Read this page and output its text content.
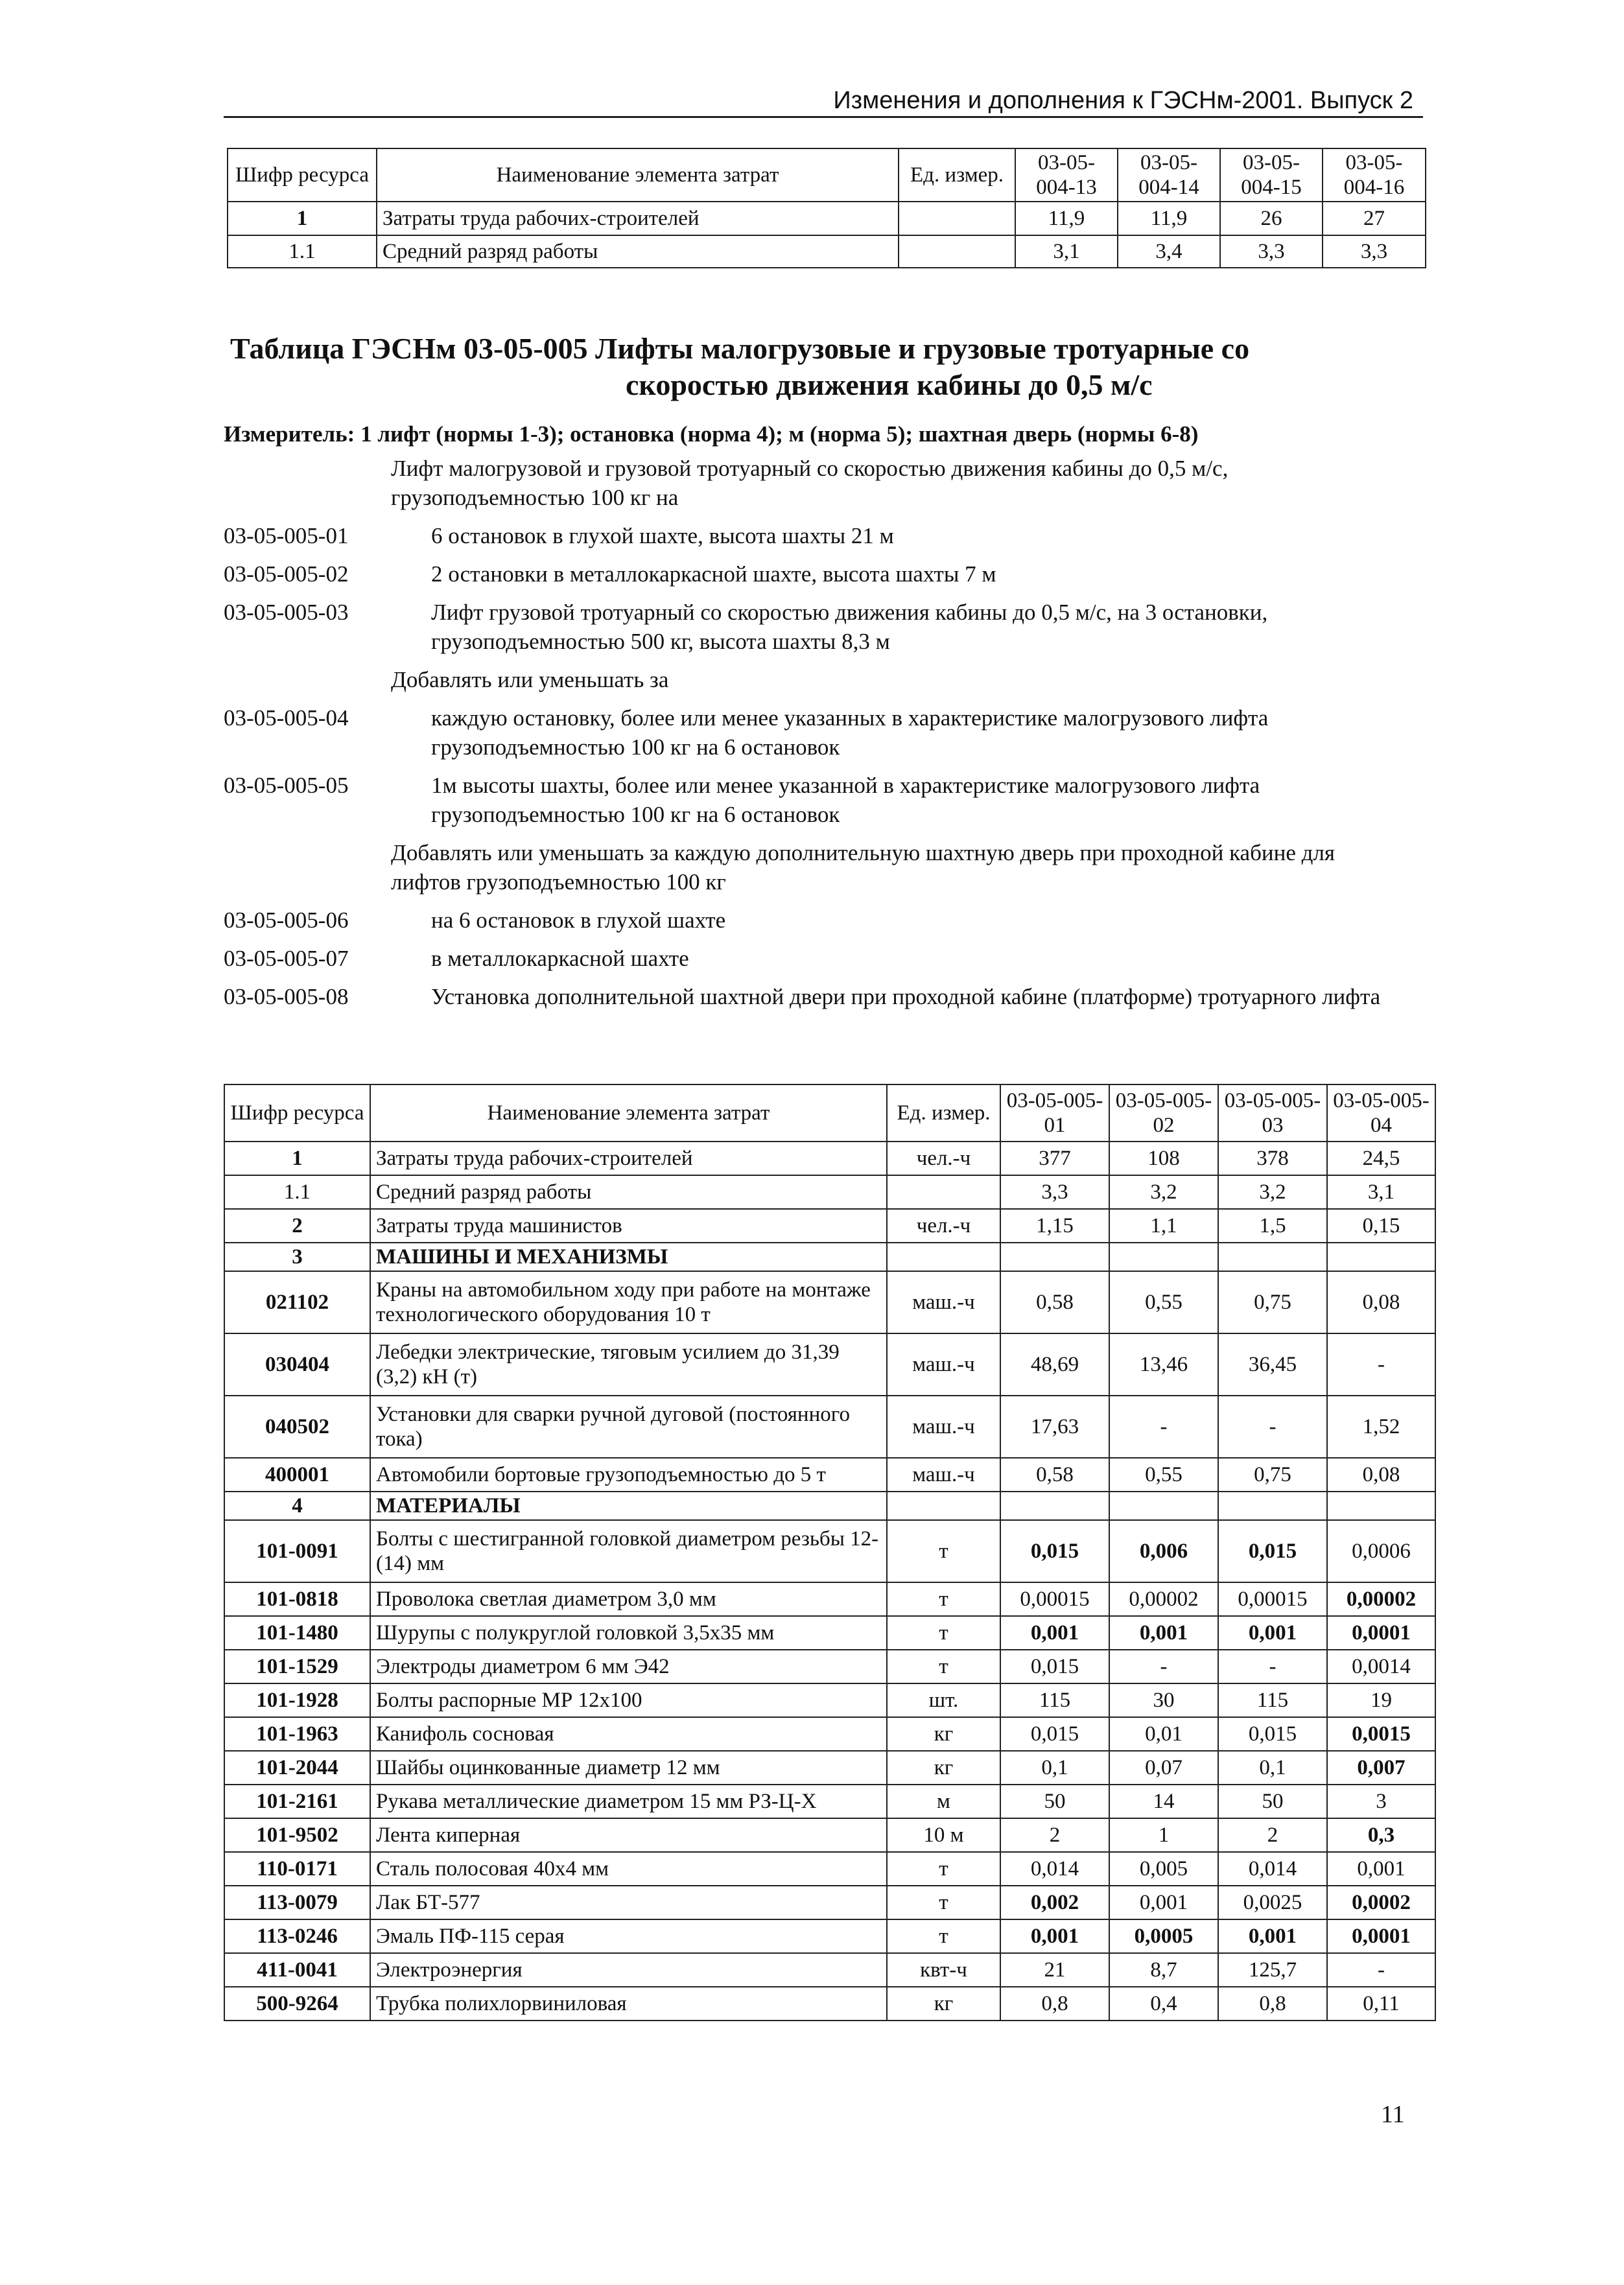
Изменения и дополнения к ГЭСНм-2001. Выпуск 2
Шифр ресурса	Наименование элемента затрат	Ед. измер.	03-05-004-13	03-05-004-14	03-05-004-15	03-05-004-16
1	Затраты труда рабочих-строителей		11,9	11,9	26	27
1.1	Средний разряд работы		3,1	3,4	3,3	3,3
Таблица ГЭСНм 03-05-005 Лифты малогрузовые и грузовые тротуарные со
скоростью движения кабины до 0,5 м/с
Измеритель: 1 лифт (нормы 1-3); остановка (норма 4); м (норма 5); шахтная дверь (нормы 6-8)
Лифт малогрузовой и грузовой тротуарный со скоростью движения кабины до 0,5 м/с, грузоподъемностью 100 кг на
03-05-005-01	6 остановок в глухой шахте, высота шахты 21 м
03-05-005-02	2 остановки в металлокаркасной шахте, высота шахты 7 м
03-05-005-03	Лифт грузовой тротуарный со скоростью движения кабины до 0,5 м/с, на 3 остановки, грузоподъемностью 500 кг, высота шахты 8,3 м
Добавлять или уменьшать за
03-05-005-04	каждую остановку, более или менее указанных в характеристике малогрузового лифта грузоподъемностью 100 кг на 6 остановок
03-05-005-05	1м высоты шахты, более или менее указанной в характеристике малогрузового лифта грузоподъемностью 100 кг на 6 остановок
Добавлять или уменьшать за каждую дополнительную шахтную дверь при проходной кабине для лифтов грузоподъемностью 100 кг
03-05-005-06	на 6 остановок в глухой шахте
03-05-005-07	в металлокаркасной шахте
03-05-005-08	Установка дополнительной шахтной двери при проходной кабине (платформе) тротуарного лифта
Шифр ресурса	Наименование элемента затрат	Ед. измер.	03-05-005-01	03-05-005-02	03-05-005-03	03-05-005-04
1	Затраты труда рабочих-строителей	чел.-ч	377	108	378	24,5
1.1	Средний разряд работы		3,3	3,2	3,2	3,1
2	Затраты труда машинистов	чел.-ч	1,15	1,1	1,5	0,15
3	МАШИНЫ И МЕХАНИЗМЫ					
021102	Краны на автомобильном ходу при работе на монтаже технологического оборудования 10 т	маш.-ч	0,58	0,55	0,75	0,08
030404	Лебедки электрические, тяговым усилием до 31,39 (3,2) кН (т)	маш.-ч	48,69	13,46	36,45	-
040502	Установки для сварки ручной дуговой (постоянного тока)	маш.-ч	17,63	-	-	1,52
400001	Автомобили бортовые грузоподъемностью до 5 т	маш.-ч	0,58	0,55	0,75	0,08
4	МАТЕРИАЛЫ					
101-0091	Болты с шестигранной головкой диаметром резьбы 12- (14) мм	т	0,015	0,006	0,015	0,0006
101-0818	Проволока светлая диаметром 3,0 мм	т	0,00015	0,00002	0,00015	0,00002
101-1480	Шурупы с полукруглой головкой 3,5x35 мм	т	0,001	0,001	0,001	0,0001
101-1529	Электроды диаметром 6 мм Э42	т	0,015	-	-	0,0014
101-1928	Болты распорные МР 12x100	шт.	115	30	115	19
101-1963	Канифоль сосновая	кг	0,015	0,01	0,015	0,0015
101-2044	Шайбы оцинкованные диаметр 12 мм	кг	0,1	0,07	0,1	0,007
101-2161	Рукава металлические диаметром 15 мм РЗ-Ц-Х	м	50	14	50	3
101-9502	Лента киперная	10 м	2	1	2	0,3
110-0171	Сталь полосовая 40x4 мм	т	0,014	0,005	0,014	0,001
113-0079	Лак БТ-577	т	0,002	0,001	0,0025	0,0002
113-0246	Эмаль ПФ-115 серая	т	0,001	0,0005	0,001	0,0001
411-0041	Электроэнергия	квт-ч	21	8,7	125,7	-
500-9264	Трубка полихлорвиниловая	кг	0,8	0,4	0,8	0,11
11
